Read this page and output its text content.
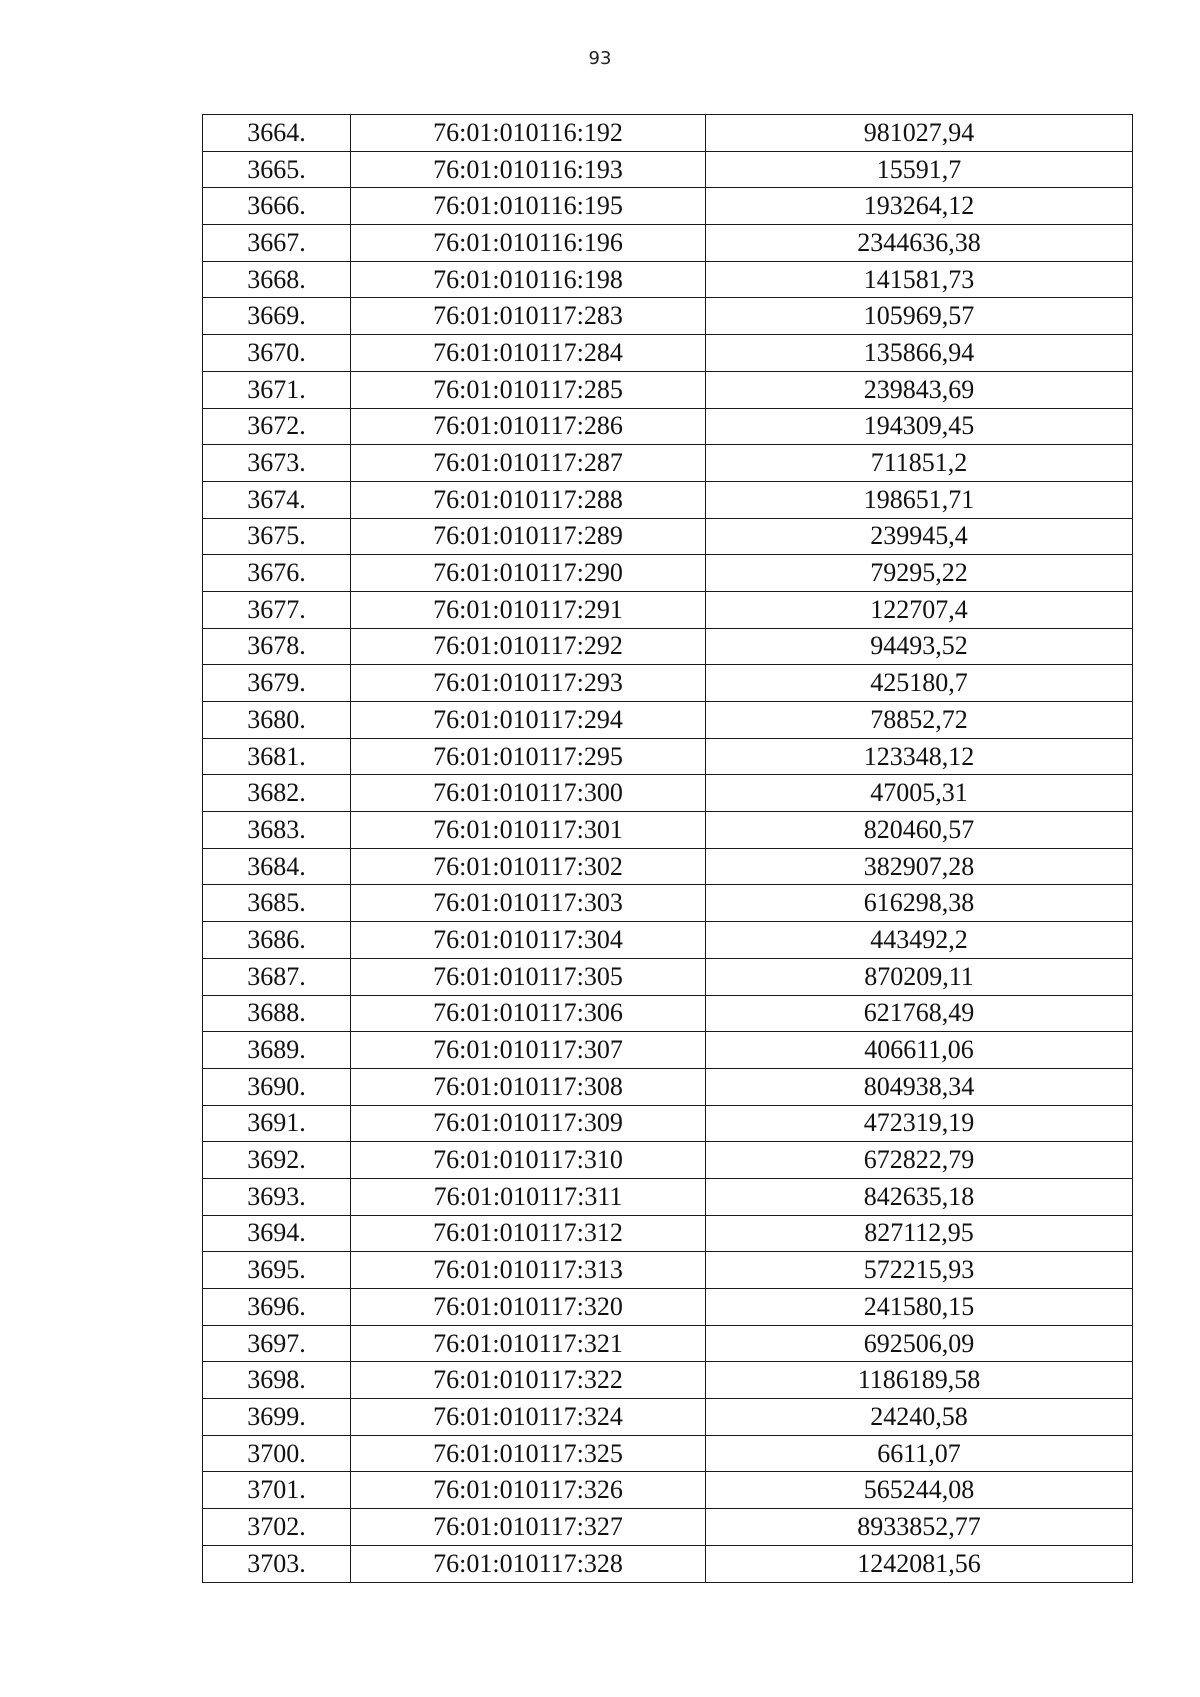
93
3664.	76:01:010116:192	981027,94
3665.	76:01:010116:193	15591,7
3666.	76:01:010116:195	193264,12
3667.	76:01:010116:196	2344636,38
3668.	76:01:010116:198	141581,73
3669.	76:01:010117:283	105969,57
3670.	76:01:010117:284	135866,94
3671.	76:01:010117:285	239843,69
3672.	76:01:010117:286	194309,45
3673.	76:01:010117:287	711851,2
3674.	76:01:010117:288	198651,71
3675.	76:01:010117:289	239945,4
3676.	76:01:010117:290	79295,22
3677.	76:01:010117:291	122707,4
3678.	76:01:010117:292	94493,52
3679.	76:01:010117:293	425180,7
3680.	76:01:010117:294	78852,72
3681.	76:01:010117:295	123348,12
3682.	76:01:010117:300	47005,31
3683.	76:01:010117:301	820460,57
3684.	76:01:010117:302	382907,28
3685.	76:01:010117:303	616298,38
3686.	76:01:010117:304	443492,2
3687.	76:01:010117:305	870209,11
3688.	76:01:010117:306	621768,49
3689.	76:01:010117:307	406611,06
3690.	76:01:010117:308	804938,34
3691.	76:01:010117:309	472319,19
3692.	76:01:010117:310	672822,79
3693.	76:01:010117:311	842635,18
3694.	76:01:010117:312	827112,95
3695.	76:01:010117:313	572215,93
3696.	76:01:010117:320	241580,15
3697.	76:01:010117:321	692506,09
3698.	76:01:010117:322	1186189,58
3699.	76:01:010117:324	24240,58
3700.	76:01:010117:325	6611,07
3701.	76:01:010117:326	565244,08
3702.	76:01:010117:327	8933852,77
3703.	76:01:010117:328	1242081,56
